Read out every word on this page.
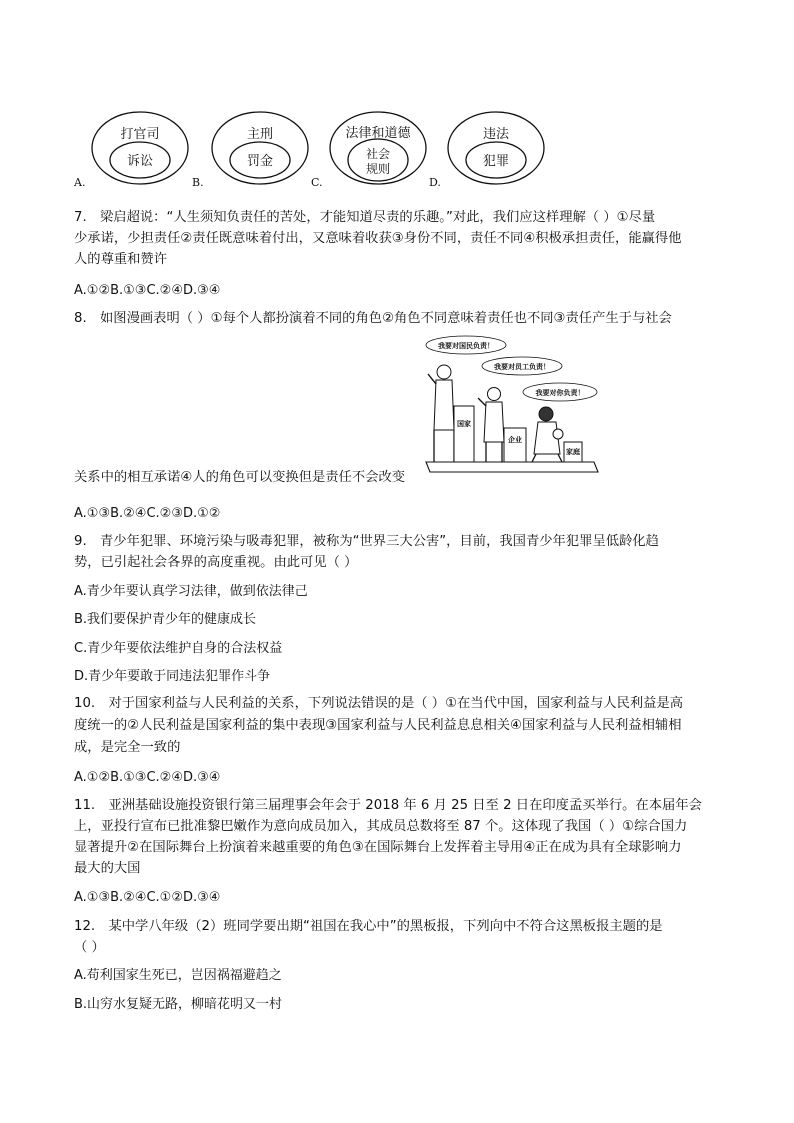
打官司
诉讼
主刑
罚金
法律和道德
社会
规则
违法
犯罪
A.	B.	C.	D.
7.　梁启超说：“人生须知负责任的苦处，才能知道尽责的乐趣。”对此，我们应这样理解（ ）①尽量
少承诺，少担责任②责任既意味着付出，又意味着收获③身份不同，责任不同④积极承担责任，能赢得他
人的尊重和赞许
A.①②B.①③C.②④D.③④
8.　如图漫画表明（ ）①每个人都扮演着不同的角色②角色不同意味着责任也不同③责任产生于与社会
我要对国民负责！
我要对员工负责！
我要对你负责！
国家
企业
家庭
关系中的相互承诺④人的角色可以变换但是责任不会改变
A.①③B.②④C.②③D.①②
9.　青少年犯罪、环境污染与吸毒犯罪，被称为“世界三大公害”，目前，我国青少年犯罪呈低龄化趋
势，已引起社会各界的高度重视。由此可见（ ）
A.青少年要认真学习法律，做到依法律己
B.我们要保护青少年的健康成长
C.青少年要依法维护自身的合法权益
D.青少年要敢于同违法犯罪作斗争
10.　对于国家利益与人民利益的关系，下列说法错误的是（ ）①在当代中国，国家利益与人民利益是高
度统一的②人民利益是国家利益的集中表现③国家利益与人民利益息息相关④国家利益与人民利益相辅相
成，是完全一致的
A.①②B.①③C.②④D.③④
11.　亚洲基础设施投资银行第三届理事会年会于 2018 年 6 月 25 日至 2 日在印度孟买举行。在本届年会
上，亚投行宣布已批准黎巴嫩作为意向成员加入，其成员总数将至 87 个。这体现了我国（ ）①综合国力
显著提升②在国际舞台上扮演着来越重要的角色③在国际舞台上发挥着主导用④正在成为具有全球影响力
最大的大国
A.①③B.②④C.①②D.③④
12.　某中学八年级（2）班同学要出期“祖国在我心中”的黑板报，下列向中不符合这黑板报主题的是
（ ）
A.苟利国家生死已，岂因祸福避趋之
B.山穷水复疑无路，柳暗花明又一村
